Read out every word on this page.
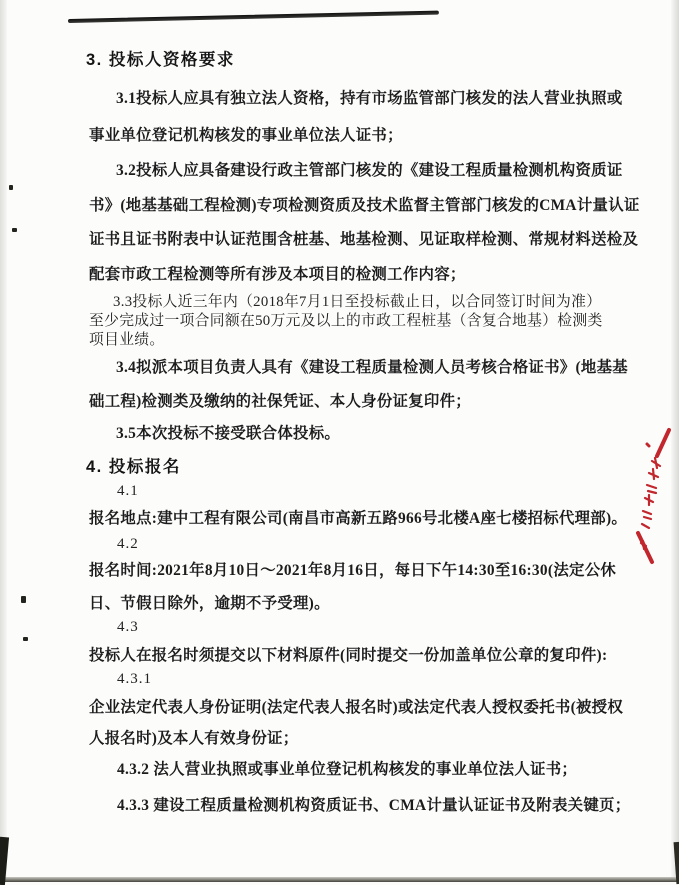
3. 投标人资格要求
3.1投标人应具有独立法人资格，持有市场监管部门核发的法人营业执照或
事业单位登记机构核发的事业单位法人证书；
3.2投标人应具备建设行政主管部门核发的《建设工程质量检测机构资质证
书》(地基基础工程检测)专项检测资质及技术监督主管部门核发的CMA计量认证
证书且证书附表中认证范围含桩基、地基检测、见证取样检测、常规材料送检及
配套市政工程检测等所有涉及本项目的检测工作内容；
3.3投标人近三年内（2018年7月1日至投标截止日，以合同签订时间为准）
至少完成过一项合同额在50万元及以上的市政工程桩基（含复合地基）检测类
项目业绩。
3.4拟派本项目负责人具有《建设工程质量检测人员考核合格证书》(地基基
础工程)检测类及缴纳的社保凭证、本人身份证复印件；
3.5本次投标不接受联合体投标。
4. 投标报名
4.1
报名地点:建中工程有限公司(南昌市高新五路966号北楼A座七楼招标代理部)。
4.2
报名时间:2021年8月10日～2021年8月16日，每日下午14:30至16:30(法定公休
日、节假日除外，逾期不予受理)。
4.3
投标人在报名时须提交以下材料原件(同时提交一份加盖单位公章的复印件):
4.3.1
企业法定代表人身份证明(法定代表人报名时)或法定代表人授权委托书(被授权
人报名时)及本人有效身份证；
4.3.2 法人营业执照或事业单位登记机构核发的事业单位法人证书；
4.3.3 建设工程质量检测机构资质证书、CMA计量认证证书及附表关键页；
